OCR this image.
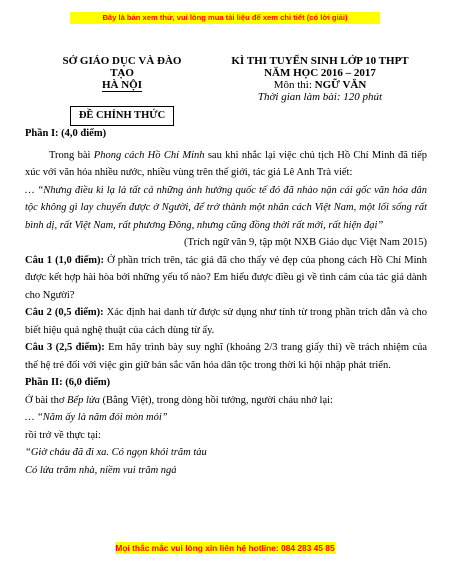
Đây là bản xem thử, vui lòng mua tài liệu để xem chi tiết (có lời giải)
SỞ GIÁO DỤC VÀ ĐÀO TẠO
HÀ NỘI
ĐỀ CHÍNH THỨC
KÌ THI TUYỂN SINH LỚP 10 THPT
NĂM HỌC 2016 – 2017
Môn thi: NGỮ VĂN
Thời gian làm bài: 120 phút

Phần I: (4,0 điểm)

Trong bài Phong cách Hồ Chí Minh sau khi nhắc lại việc chủ tịch Hồ Chí Minh đã tiếp xúc với văn hóa nhiều nước, nhiều vùng trên thế giới, tác giả Lê Anh Trà viết:

… “Nhưng điều kì lạ là tất cả những ảnh hưởng quốc tế đó đã nhào nặn cái gốc văn hóa dân tộc không gì lay chuyển được ở Người, để trở thành một nhân cách Việt Nam, một lối sống rất bình dị, rất Việt Nam, rất phương Đông, nhưng cũng đồng thời rất mới, rất hiện đại”

(Trích ngữ văn 9, tập một NXB Giáo dục Việt Nam 2015)

Câu 1 (1,0 điểm): Ở phần trích trên, tác giả đã cho thấy vẻ đẹp của phong cách Hồ Chí Minh được kết hợp hài hòa bởi những yếu tố nào? Em hiểu được điều gì về tình cảm của tác giả dành cho Người?

Câu 2 (0,5 điểm): Xác định hai danh từ được sử dụng như tính từ trong phần trích dẫn và cho biết hiệu quả nghệ thuật của cách dùng từ ấy.

Câu 3 (2,5 điểm): Em hãy trình bày suy nghĩ (khoảng 2/3 trang giấy thi) về trách nhiệm của thế hệ trẻ đối với việc gìn giữ bản sắc văn hóa dân tộc trong thời kì hội nhập phát triển.

Phần II: (6,0 điểm)

Ở bài thơ Bếp lửa (Bằng Việt), trong dòng hồi tưởng, người cháu nhớ lại:

… “Năm ấy là năm đói mòn mỏi”

rồi trở về thực tại:

“Giờ cháu đã đi xa. Có ngọn khói trăm tàu

Có lửa trăm nhà, niềm vui trăm ngả

Mọi thắc mắc vui lòng xin liên hệ hotline: 084 283 45 85
